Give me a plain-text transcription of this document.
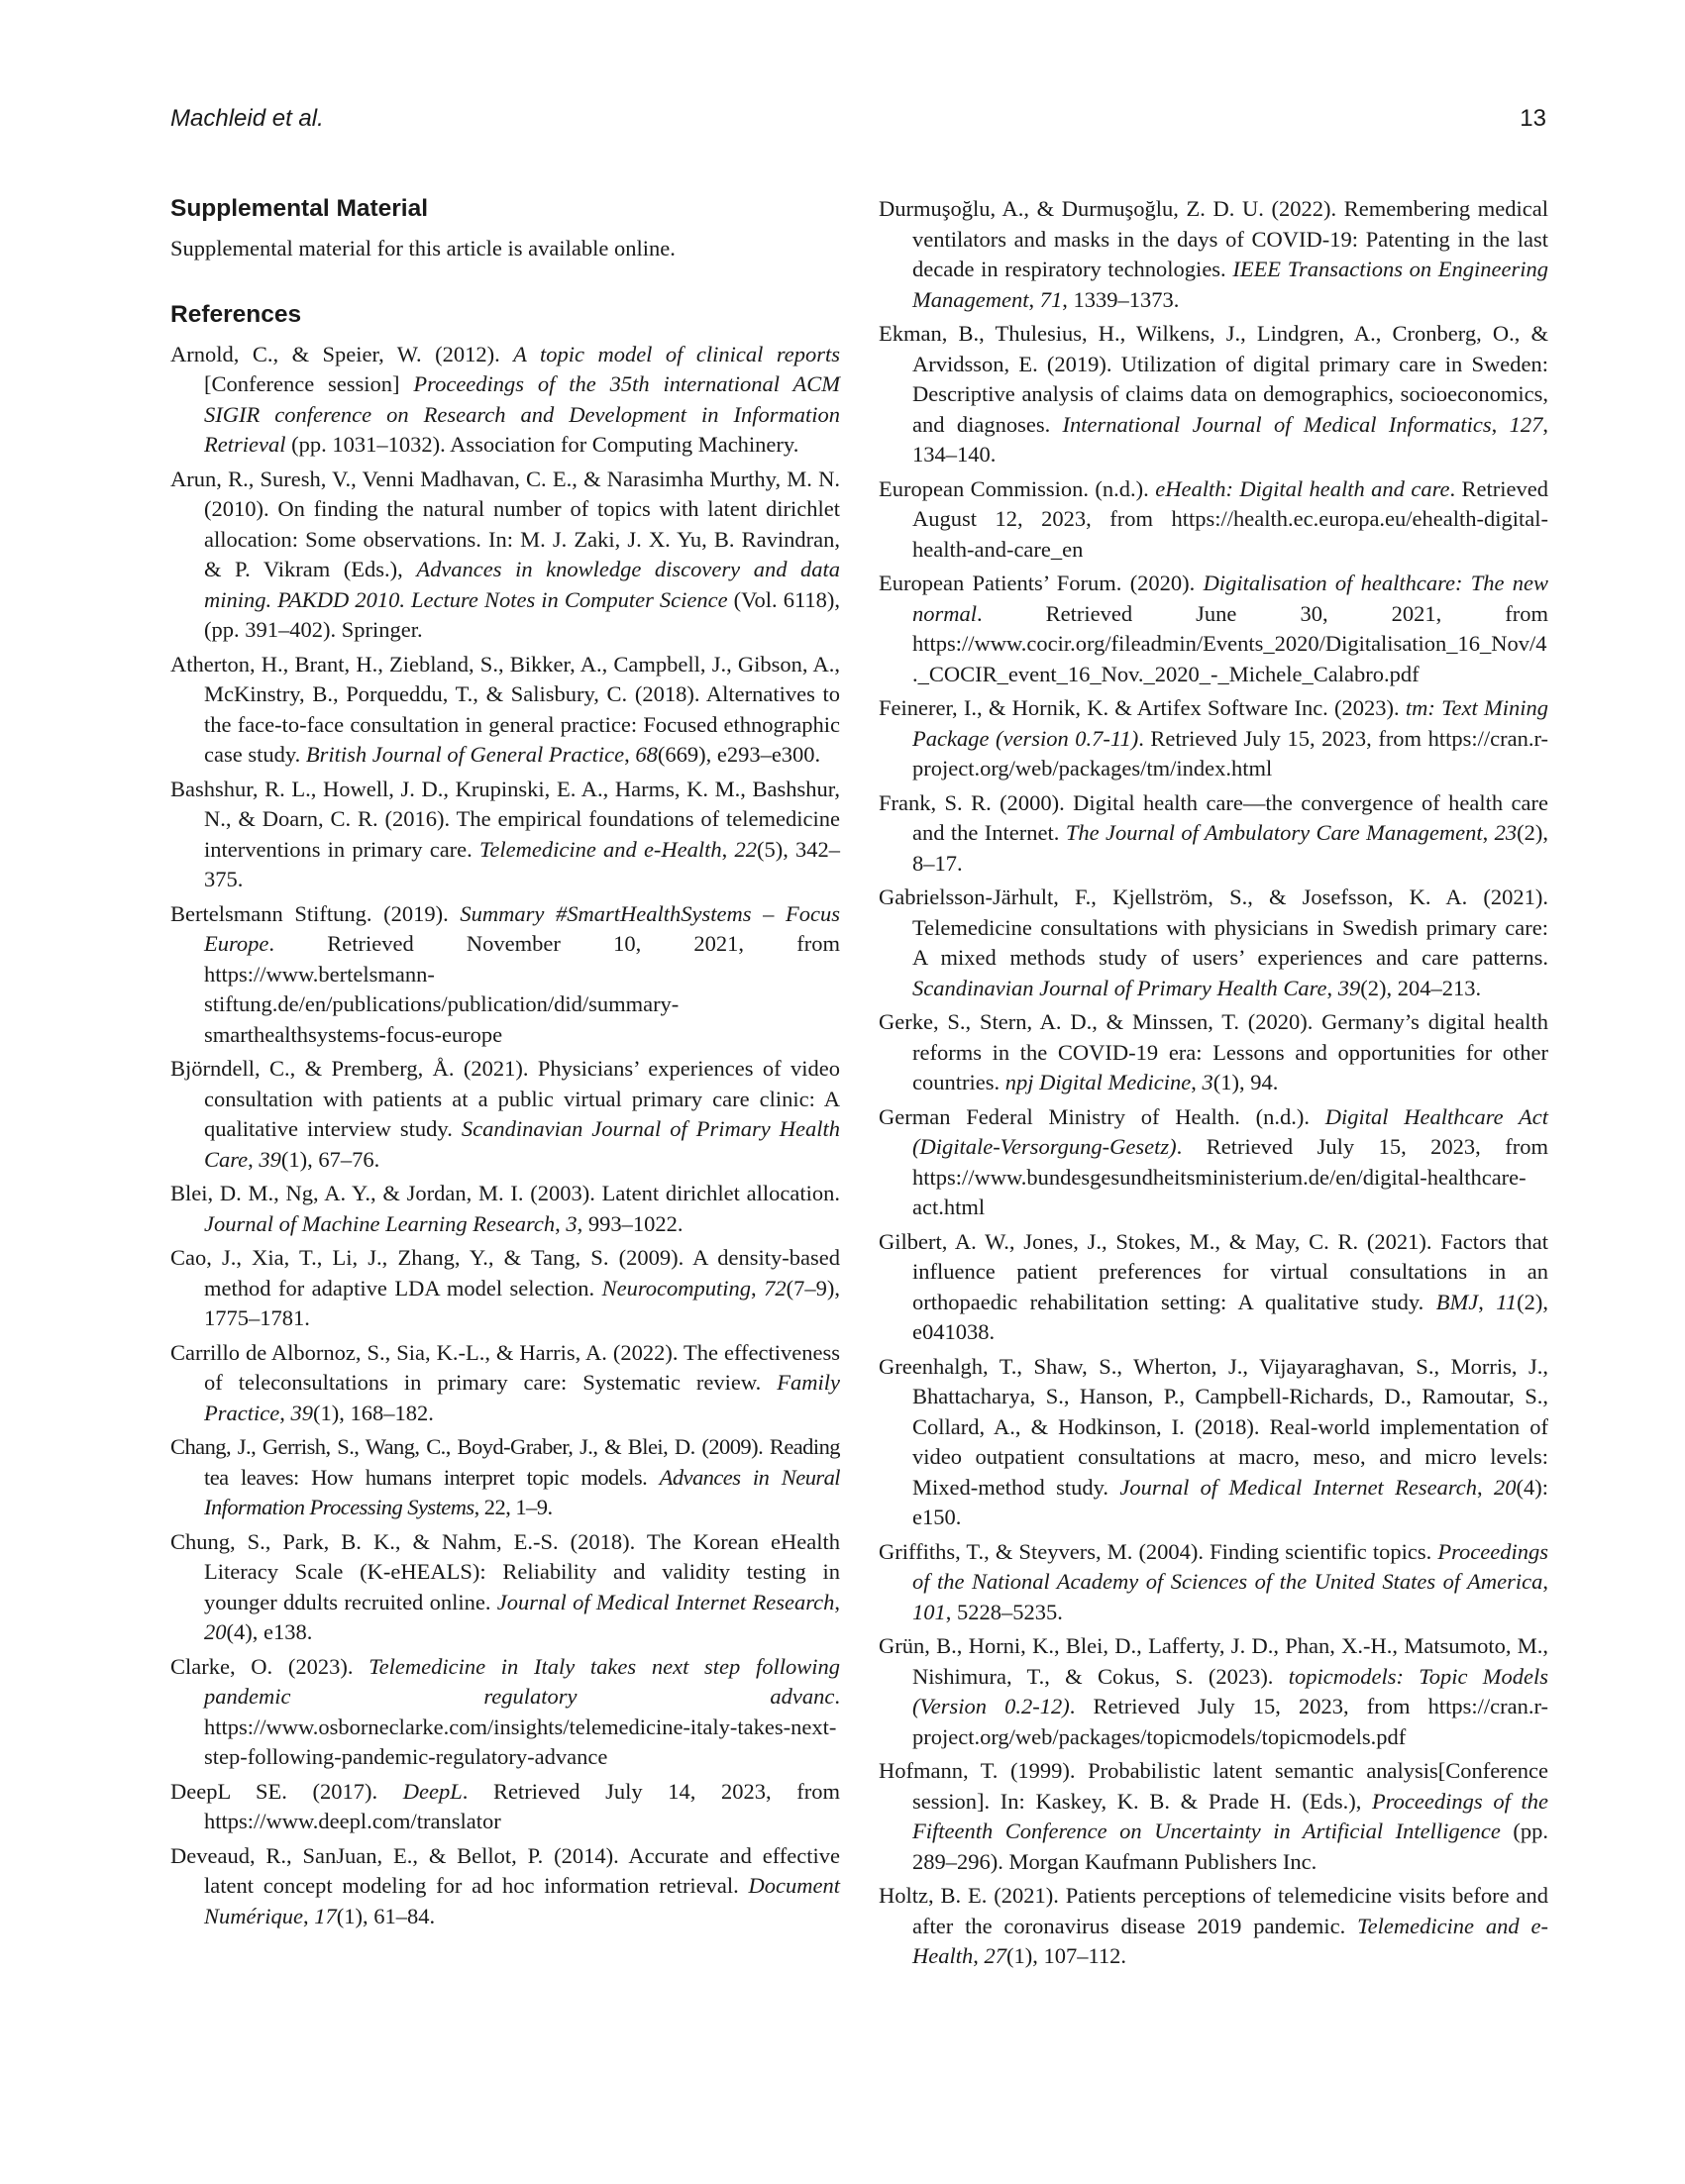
Machleid et al.	13
Supplemental Material

Supplemental material for this article is available online.

References

Arnold, C., & Speier, W. (2012). A topic model of clinical reports [Conference session] Proceedings of the 35th international ACM SIGIR conference on Research and Development in Information Retrieval (pp. 1031–1032). Association for Computing Machinery.

Arun, R., Suresh, V., Venni Madhavan, C. E., & Narasimha Murthy, M. N. (2010). On finding the natural number of topics with latent dirichlet allocation: Some observations. In: M. J. Zaki, J. X. Yu, B. Ravindran, & P. Vikram (Eds.), Advances in knowledge discovery and data mining. PAKDD 2010. Lecture Notes in Computer Science (Vol. 6118), (pp. 391–402). Springer.

Atherton, H., Brant, H., Ziebland, S., Bikker, A., Campbell, J., Gibson, A., McKinstry, B., Porqueddu, T., & Salisbury, C. (2018). Alternatives to the face-to-face consultation in general practice: Focused ethnographic case study. British Journal of General Practice, 68(669), e293–e300.

Bashshur, R. L., Howell, J. D., Krupinski, E. A., Harms, K. M., Bashshur, N., & Doarn, C. R. (2016). The empirical foundations of telemedicine interventions in primary care. Telemedicine and e-Health, 22(5), 342–375.

Bertelsmann Stiftung. (2019). Summary #SmartHealthSystems – Focus Europe. Retrieved November 10, 2021, from https://www.bertelsmann-stiftung.de/en/publications/publication/did/summary-smarthealthsystems-focus-europe

Björndell, C., & Premberg, Å. (2021). Physicians’ experiences of video consultation with patients at a public virtual primary care clinic: A qualitative interview study. Scandinavian Journal of Primary Health Care, 39(1), 67–76.

Blei, D. M., Ng, A. Y., & Jordan, M. I. (2003). Latent dirichlet allocation. Journal of Machine Learning Research, 3, 993–1022.

Cao, J., Xia, T., Li, J., Zhang, Y., & Tang, S. (2009). A density-based method for adaptive LDA model selection. Neurocomputing, 72(7–9), 1775–1781.

Carrillo de Albornoz, S., Sia, K.-L., & Harris, A. (2022). The effectiveness of teleconsultations in primary care: Systematic review. Family Practice, 39(1), 168–182.

Chang, J., Gerrish, S., Wang, C., Boyd-Graber, J., & Blei, D. (2009). Reading tea leaves: How humans interpret topic models. Advances in Neural Information Processing Systems, 22, 1–9.

Chung, S., Park, B. K., & Nahm, E.-S. (2018). The Korean eHealth Literacy Scale (K-eHEALS): Reliability and validity testing in younger ddults recruited online. Journal of Medical Internet Research, 20(4), e138.

Clarke, O. (2023). Telemedicine in Italy takes next step following pandemic regulatory advanc. https://www.osborneclarke.com/insights/telemedicine-italy-takes-next-step-following-pandemic-regulatory-advance

DeepL SE. (2017). DeepL. Retrieved July 14, 2023, from https://www.deepl.com/translator

Deveaud, R., SanJuan, E., & Bellot, P. (2014). Accurate and effective latent concept modeling for ad hoc information retrieval. Document Numérique, 17(1), 61–84.

Durmuşoğlu, A., & Durmuşoğlu, Z. D. U. (2022). Remembering medical ventilators and masks in the days of COVID-19: Patenting in the last decade in respiratory technologies. IEEE Transactions on Engineering Management, 71, 1339–1373.

Ekman, B., Thulesius, H., Wilkens, J., Lindgren, A., Cronberg, O., & Arvidsson, E. (2019). Utilization of digital primary care in Sweden: Descriptive analysis of claims data on demographics, socioeconomics, and diagnoses. International Journal of Medical Informatics, 127, 134–140.

European Commission. (n.d.). eHealth: Digital health and care. Retrieved August 12, 2023, from https://health.ec.europa.eu/ehealth-digital-health-and-care_en

European Patients’ Forum. (2020). Digitalisation of healthcare: The new normal. Retrieved June 30, 2021, from https://www.cocir.org/fileadmin/Events_2020/Digitalisation_16_Nov/4._COCIR_event_16_Nov._2020_-_Michele_Calabro.pdf

Feinerer, I., & Hornik, K. & Artifex Software Inc. (2023). tm: Text Mining Package (version 0.7-11). Retrieved July 15, 2023, from https://cran.r-project.org/web/packages/tm/index.html

Frank, S. R. (2000). Digital health care—the convergence of health care and the Internet. The Journal of Ambulatory Care Management, 23(2), 8–17.

Gabrielsson-Järhult, F., Kjellström, S., & Josefsson, K. A. (2021). Telemedicine consultations with physicians in Swedish primary care: A mixed methods study of users’ experiences and care patterns. Scandinavian Journal of Primary Health Care, 39(2), 204–213.

Gerke, S., Stern, A. D., & Minssen, T. (2020). Germany’s digital health reforms in the COVID-19 era: Lessons and opportunities for other countries. npj Digital Medicine, 3(1), 94.

German Federal Ministry of Health. (n.d.). Digital Healthcare Act (Digitale-Versorgung-Gesetz). Retrieved July 15, 2023, from https://www.bundesgesundheitsministerium.de/en/digital-healthcare-act.html

Gilbert, A. W., Jones, J., Stokes, M., & May, C. R. (2021). Factors that influence patient preferences for virtual consultations in an orthopaedic rehabilitation setting: A qualitative study. BMJ, 11(2), e041038.

Greenhalgh, T., Shaw, S., Wherton, J., Vijayaraghavan, S., Morris, J., Bhattacharya, S., Hanson, P., Campbell-Richards, D., Ramoutar, S., Collard, A., & Hodkinson, I. (2018). Real-world implementation of video outpatient consultations at macro, meso, and micro levels: Mixed-method study. Journal of Medical Internet Research, 20(4): e150.

Griffiths, T., & Steyvers, M. (2004). Finding scientific topics. Proceedings of the National Academy of Sciences of the United States of America, 101, 5228–5235.

Grün, B., Horni, K., Blei, D., Lafferty, J. D., Phan, X.-H., Matsumoto, M., Nishimura, T., & Cokus, S. (2023). topicmodels: Topic Models (Version 0.2-12). Retrieved July 15, 2023, from https://cran.r-project.org/web/packages/topicmodels/topicmodels.pdf

Hofmann, T. (1999). Probabilistic latent semantic analysis[Conference session]. In: Kaskey, K. B. & Prade H. (Eds.), Proceedings of the Fifteenth Conference on Uncertainty in Artificial Intelligence (pp. 289–296). Morgan Kaufmann Publishers Inc.

Holtz, B. E. (2021). Patients perceptions of telemedicine visits before and after the coronavirus disease 2019 pandemic. Telemedicine and e-Health, 27(1), 107–112.
